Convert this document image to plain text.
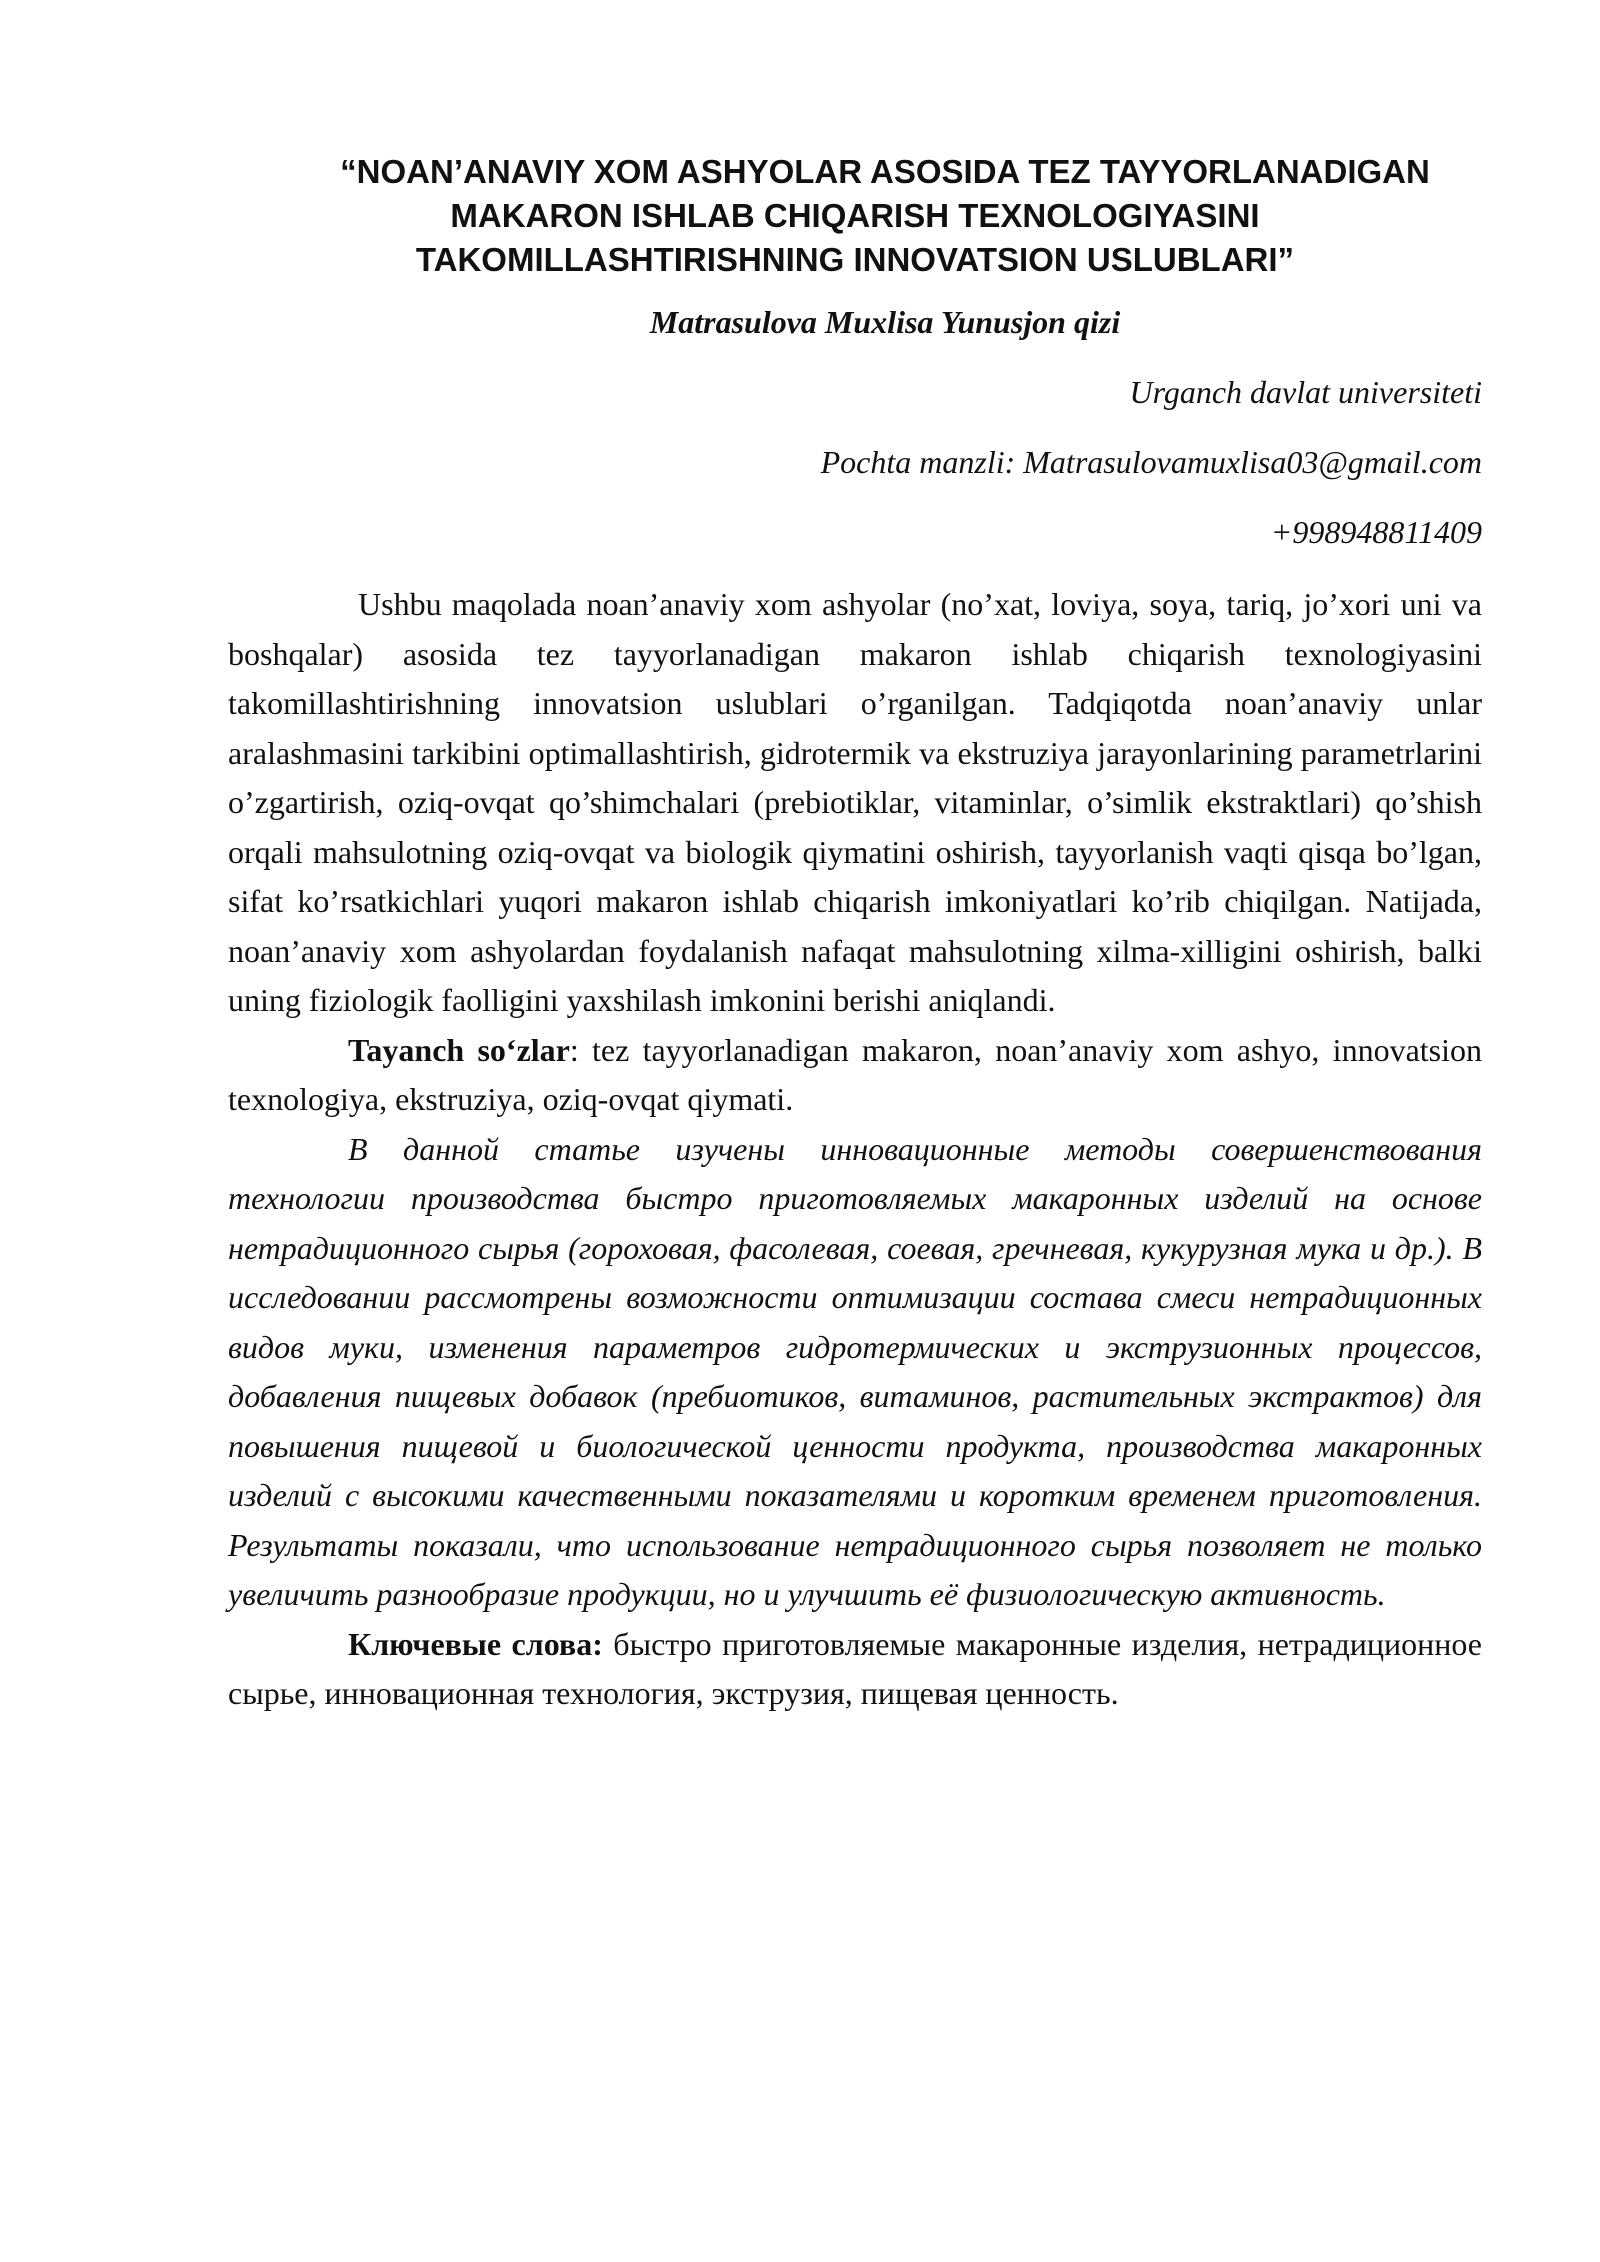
“NOAN’ANAVIY XOM ASHYOLAR ASOSIDA TEZ TAYYORLANADIGAN MAKARON ISHLAB CHIQARISH TEXNOLOGIYASINI TAKOMILLASHTIRISHNING INNOVATSION USLUBLARI”
Matrasulova Muxlisa Yunusjon qizi
Urganch davlat universiteti
Pochta manzli: Matrasulovamuxlisa03@gmail.com
+998948811409

Ushbu maqolada noan’anaviy xom ashyolar (no’xat, loviya, soya, tariq, jo’xori uni va boshqalar) asosida tez tayyorlanadigan makaron ishlab chiqarish texnologiyasini takomillashtirishning innovatsion uslublari o’rganilgan. Tadqiqotda noan’anaviy unlar aralashmasini tarkibini optimallashtirish, gidrotermik va ekstruziya jarayonlarining parametrlarini o’zgartirish, oziq-ovqat qo’shimchalari (prebiotiklar, vitaminlar, o’simlik ekstraktlari) qo’shish orqali mahsulotning oziq-ovqat va biologik qiymatini oshirish, tayyorlanish vaqti qisqa bo’lgan, sifat ko’rsatkichlari yuqori makaron ishlab chiqarish imkoniyatlari ko’rib chiqilgan. Natijada, noan’anaviy xom ashyolardan foydalanish nafaqat mahsulotning xilma-xilligini oshirish, balki uning fiziologik faolligini yaxshilash imkonini berishi aniqlandi.

Tayanch so‘zlar: tez tayyorlanadigan makaron, noan’anaviy xom ashyo, innovatsion texnologiya, ekstruziya, oziq-ovqat qiymati.

В данной статье изучены инновационные методы совершенствования технологии производства быстро приготовляемых макаронных изделий на основе нетрадиционного сырья (гороховая, фасолевая, соевая, гречневая, кукурузная мука и др.). В исследовании рассмотрены возможности оптимизации состава смеси нетрадиционных видов муки, изменения параметров гидротермических и экструзионных процессов, добавления пищевых добавок (пребиотиков, витаминов, растительных экстрактов) для повышения пищевой и биологической ценности продукта, производства макаронных изделий с высокими качественными показателями и коротким временем приготовления. Результаты показали, что использование нетрадиционного сырья позволяет не только увеличить разнообразие продукции, но и улучшить её физиологическую активность.

Ключевые слова: быстро приготовляемые макаронные изделия, нетрадиционное сырье, инновационная технология, экструзия, пищевая ценность.
